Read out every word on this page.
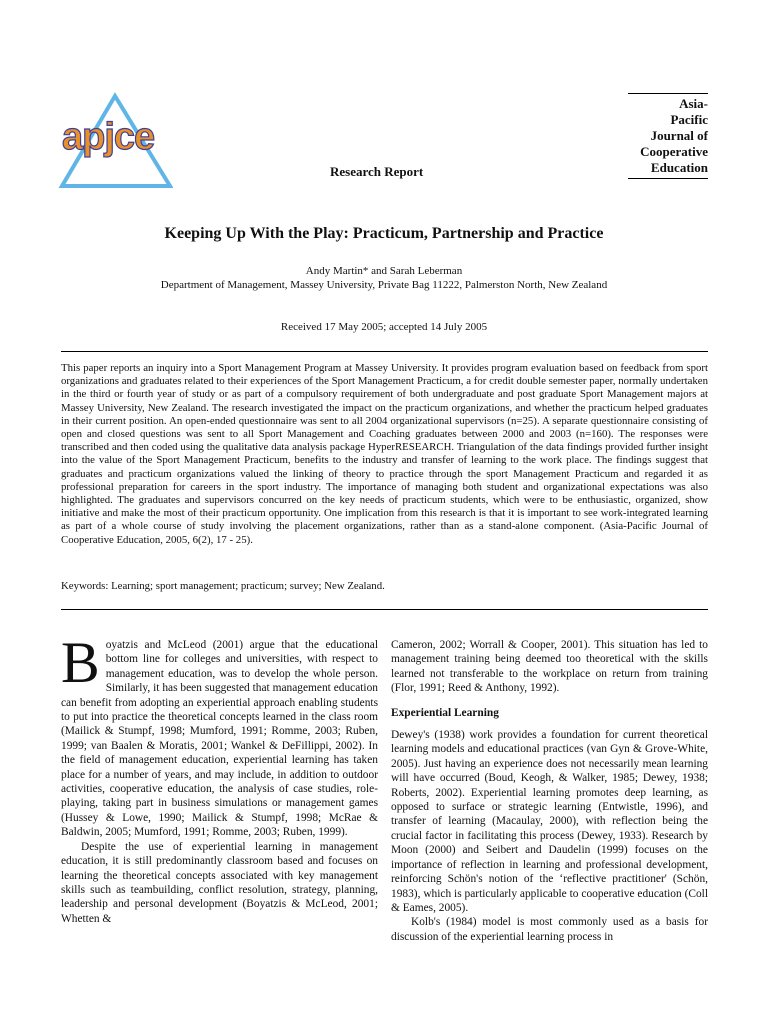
apjce
Asia-
Pacific
Journal of
Cooperative
Education
Research Report
Keeping Up With the Play: Practicum, Partnership and Practice
Andy Martin* and Sarah Leberman
Department of Management, Massey University, Private Bag 11222, Palmerston North, New Zealand
Received 17 May 2005; accepted 14 July 2005
This paper reports an inquiry into a Sport Management Program at Massey University. It provides program evaluation based on feedback from sport organizations and graduates related to their experiences of the Sport Management Practicum, a for credit double semester paper, normally undertaken in the third or fourth year of study or as part of a compulsory requirement of both undergraduate and post graduate Sport Management majors at Massey University, New Zealand. The research investigated the impact on the practicum organizations, and whether the practicum helped graduates in their current position. An open-ended questionnaire was sent to all 2004 organizational supervisors (n=25). A separate questionnaire consisting of open and closed questions was sent to all Sport Management and Coaching graduates between 2000 and 2003 (n=160). The responses were transcribed and then coded using the qualitative data analysis package HyperRESEARCH. Triangulation of the data findings provided further insight into the value of the Sport Management Practicum, benefits to the industry and transfer of learning to the work place. The findings suggest that graduates and practicum organizations valued the linking of theory to practice through the sport Management Practicum and regarded it as professional preparation for careers in the sport industry. The importance of managing both student and organizational expectations was also highlighted. The graduates and supervisors concurred on the key needs of practicum students, which were to be enthusiastic, organized, show initiative and make the most of their practicum opportunity. One implication from this research is that it is important to see work-integrated learning as part of a whole course of study involving the placement organizations, rather than as a stand-alone component. (Asia-Pacific Journal of Cooperative Education, 2005, 6(2), 17 - 25).
Keywords: Learning; sport management; practicum; survey; New Zealand.

Boyatzis and McLeod (2001) argue that the educational bottom line for colleges and universities, with respect to management education, was to develop the whole person. Similarly, it has been suggested that management education can benefit from adopting an experiential approach enabling students to put into practice the theoretical concepts learned in the class room (Mailick & Stumpf, 1998; Mumford, 1991; Romme, 2003; Ruben, 1999; van Baalen & Moratis, 2001; Wankel & DeFillippi, 2002). In the field of management education, experiential learning has taken place for a number of years, and may include, in addition to outdoor activities, cooperative education, the analysis of case studies, role-playing, taking part in business simulations or management games (Hussey & Lowe, 1990; Mailick & Stumpf, 1998; McRae & Baldwin, 2005; Mumford, 1991; Romme, 2003; Ruben, 1999).

Despite the use of experiential learning in management education, it is still predominantly classroom based and focuses on learning the theoretical concepts associated with key management skills such as teambuilding, conflict resolution, strategy, planning, leadership and personal development (Boyatzis & McLeod, 2001; Whetten &

Cameron, 2002; Worrall & Cooper, 2001). This situation has led to management training being deemed too theoretical with the skills learned not transferable to the workplace on return from training (Flor, 1991; Reed & Anthony, 1992).

Experiential Learning

Dewey's (1938) work provides a foundation for current theoretical learning models and educational practices (van Gyn & Grove-White, 2005). Just having an experience does not necessarily mean learning will have occurred (Boud, Keogh, & Walker, 1985; Dewey, 1938; Roberts, 2002). Experiential learning promotes deep learning, as opposed to surface or strategic learning (Entwistle, 1996), and transfer of learning (Macaulay, 2000), with reflection being the crucial factor in facilitating this process (Dewey, 1933). Research by Moon (2000) and Seibert and Daudelin (1999) focuses on the importance of reflection in learning and professional development, reinforcing Schön's notion of the ‘reflective practitioner' (Schön, 1983), which is particularly applicable to cooperative education (Coll & Eames, 2005).

Kolb's (1984) model is most commonly used as a basis for discussion of the experiential learning process in
